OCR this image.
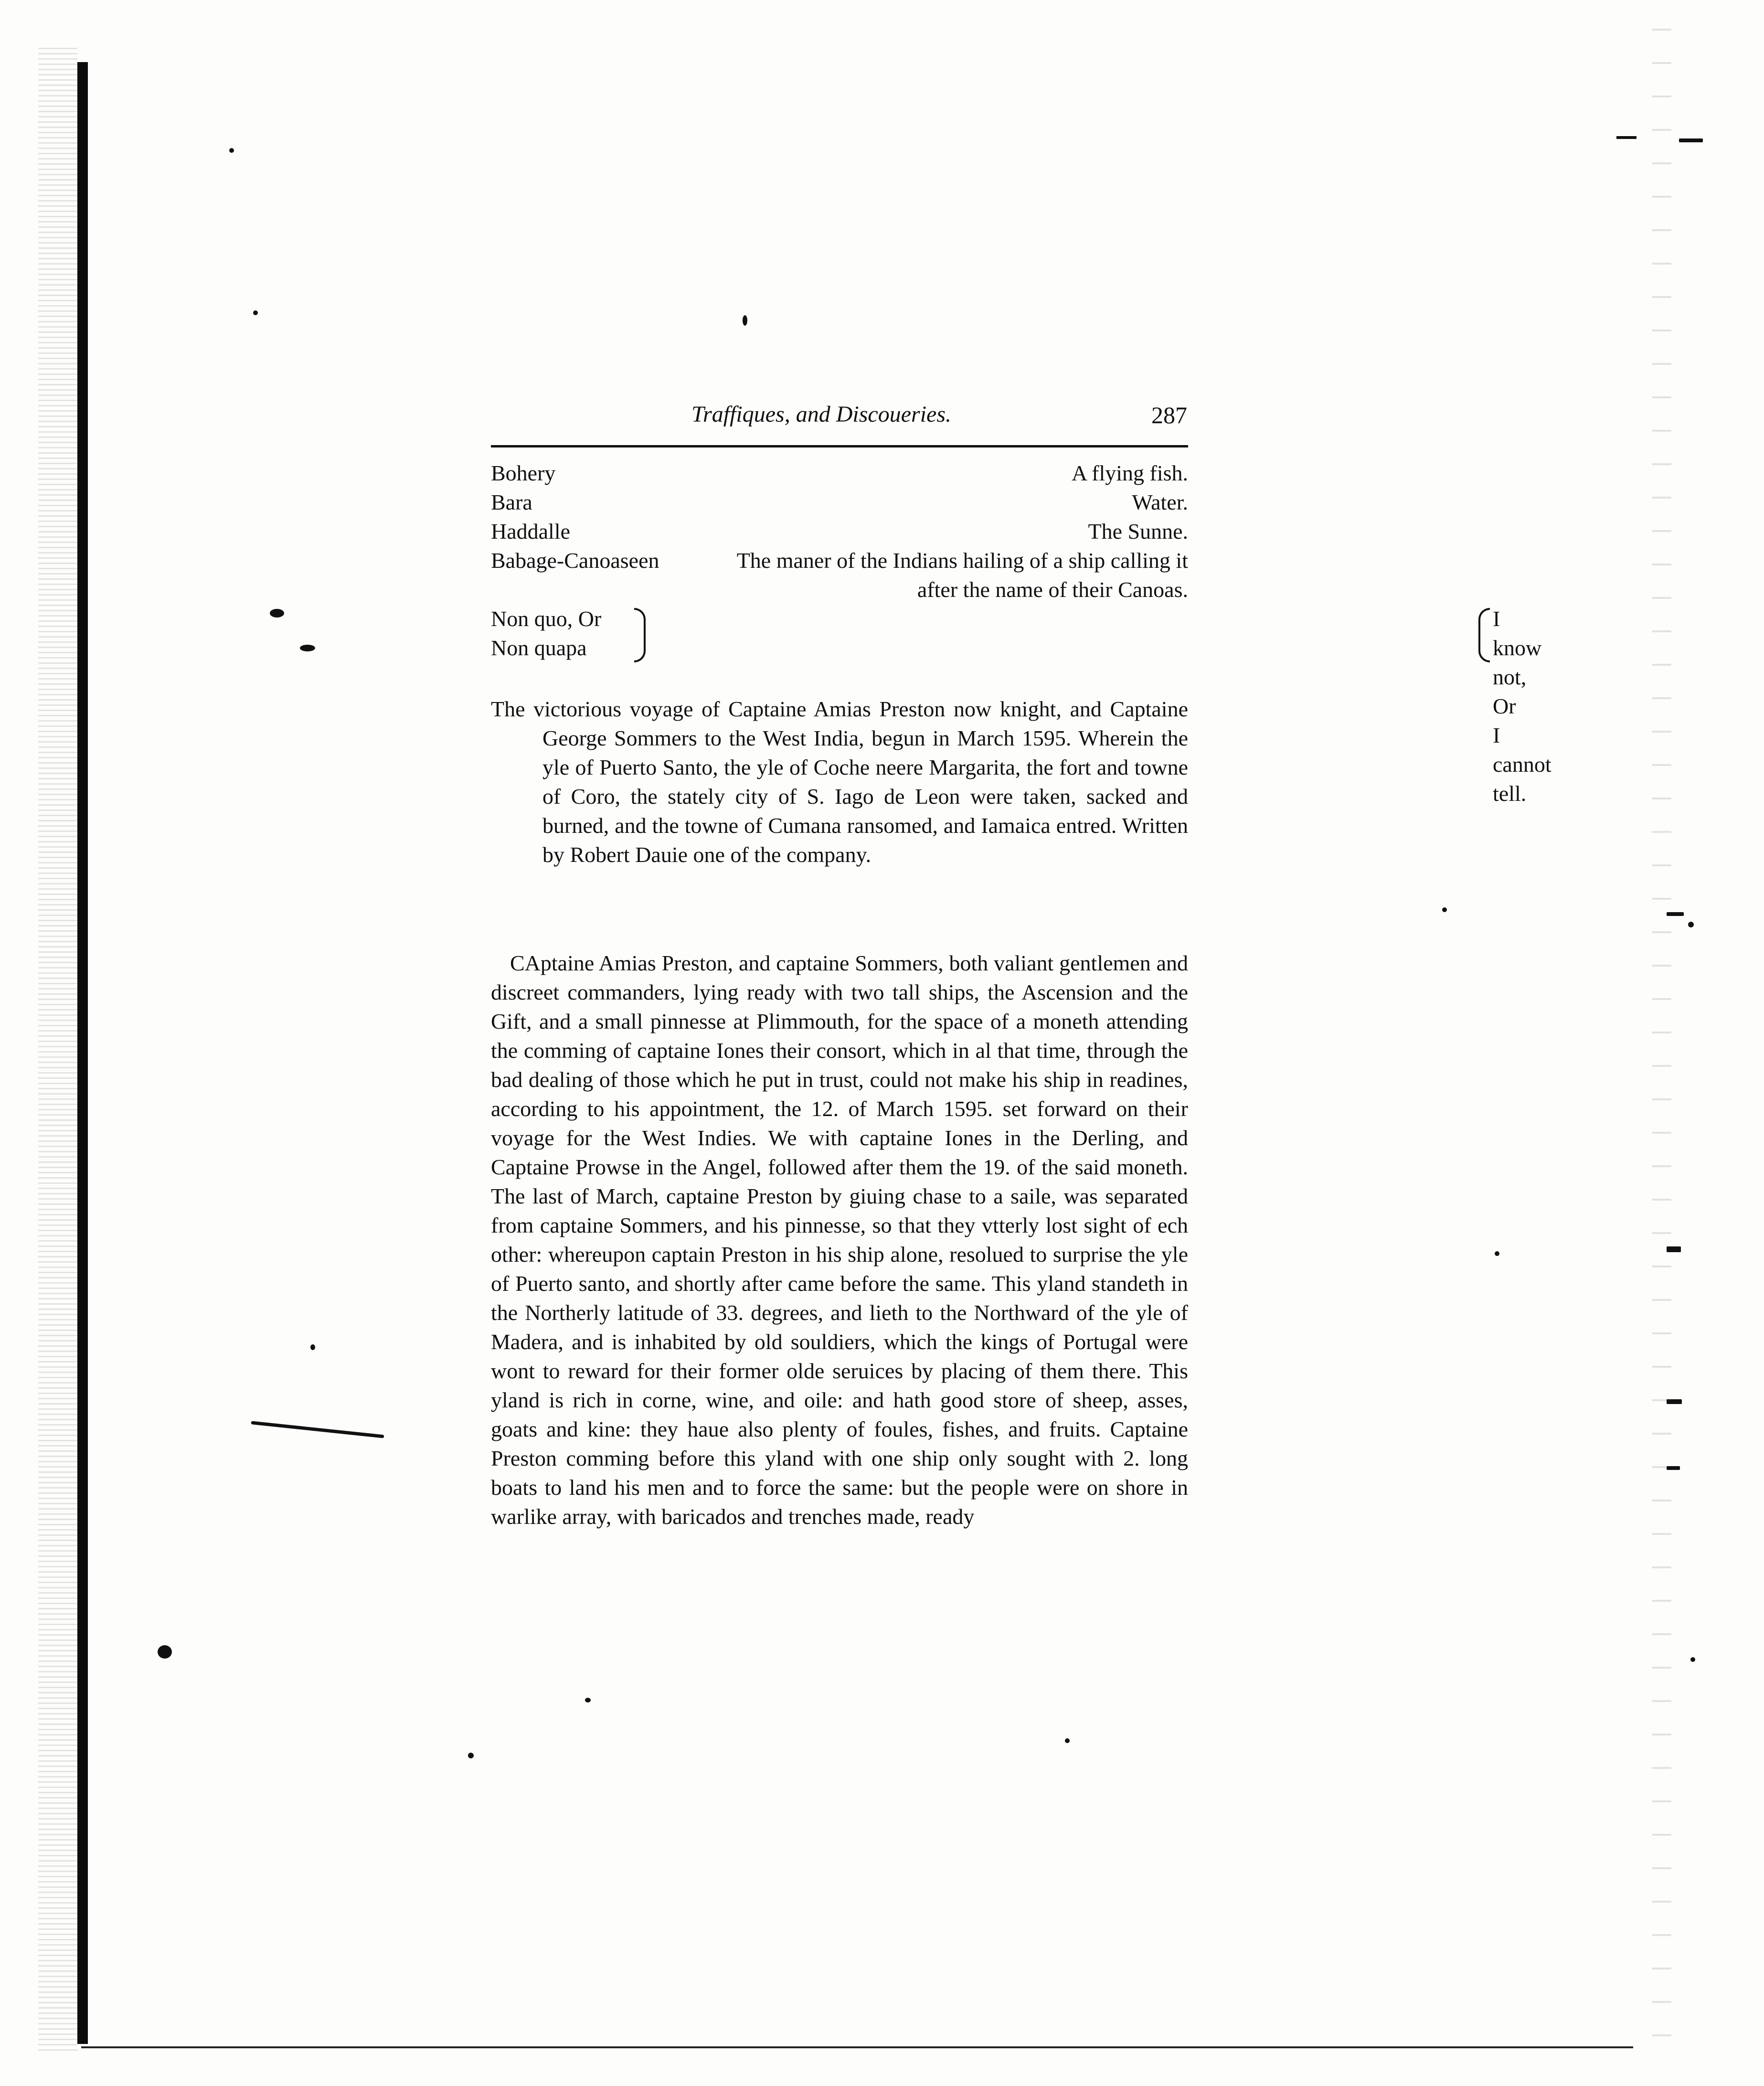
Traffiques, and Discoueries.	287
Bohery	A flying fish.
Bara	Water.
Haddalle	The Sunne.
Babage-Canoaseen	The maner of the Indians hailing of a ship calling it after the name of their Canoas.
Non quo, Or
Non quapa
I know not, Or
I cannot tell.
The victorious voyage of Captaine Amias Preston now knight, and Captaine George Sommers to the West India, begun in March 1595. Wherein the yle of Puerto Santo, the yle of Coche neere Margarita, the fort and towne of Coro, the stately city of S. Iago de Leon were taken, sacked and burned, and the towne of Cumana ransomed, and Iamaica entred. Written by Robert Dauie one of the company.
CAptaine Amias Preston, and captaine Sommers, both valiant gentlemen and discreet commanders, lying ready with two tall ships, the Ascension and the Gift, and a small pinnesse at Plimmouth, for the space of a moneth attending the comming of captaine Iones their consort, which in al that time, through the bad dealing of those which he put in trust, could not make his ship in readines, according to his appointment, the 12. of March 1595. set forward on their voyage for the West Indies. We with captaine Iones in the Derling, and Captaine Prowse in the Angel, followed after them the 19. of the said moneth. The last of March, captaine Preston by giuing chase to a saile, was separated from captaine Sommers, and his pinnesse, so that they vtterly lost sight of ech other: whereupon captain Preston in his ship alone, resolued to surprise the yle of Puerto santo, and shortly after came before the same. This yland standeth in the Northerly latitude of 33. degrees, and lieth to the Northward of the yle of Madera, and is inhabited by old souldiers, which the kings of Portugal were wont to reward for their former olde seruices by placing of them there. This yland is rich in corne, wine, and oile: and hath good store of sheep, asses, goats and kine: they haue also plenty of foules, fishes, and fruits. Captaine Preston comming before this yland with one ship only sought with 2. long boats to land his men and to force the same: but the people were on shore in warlike array, with baricados and trenches made, ready
